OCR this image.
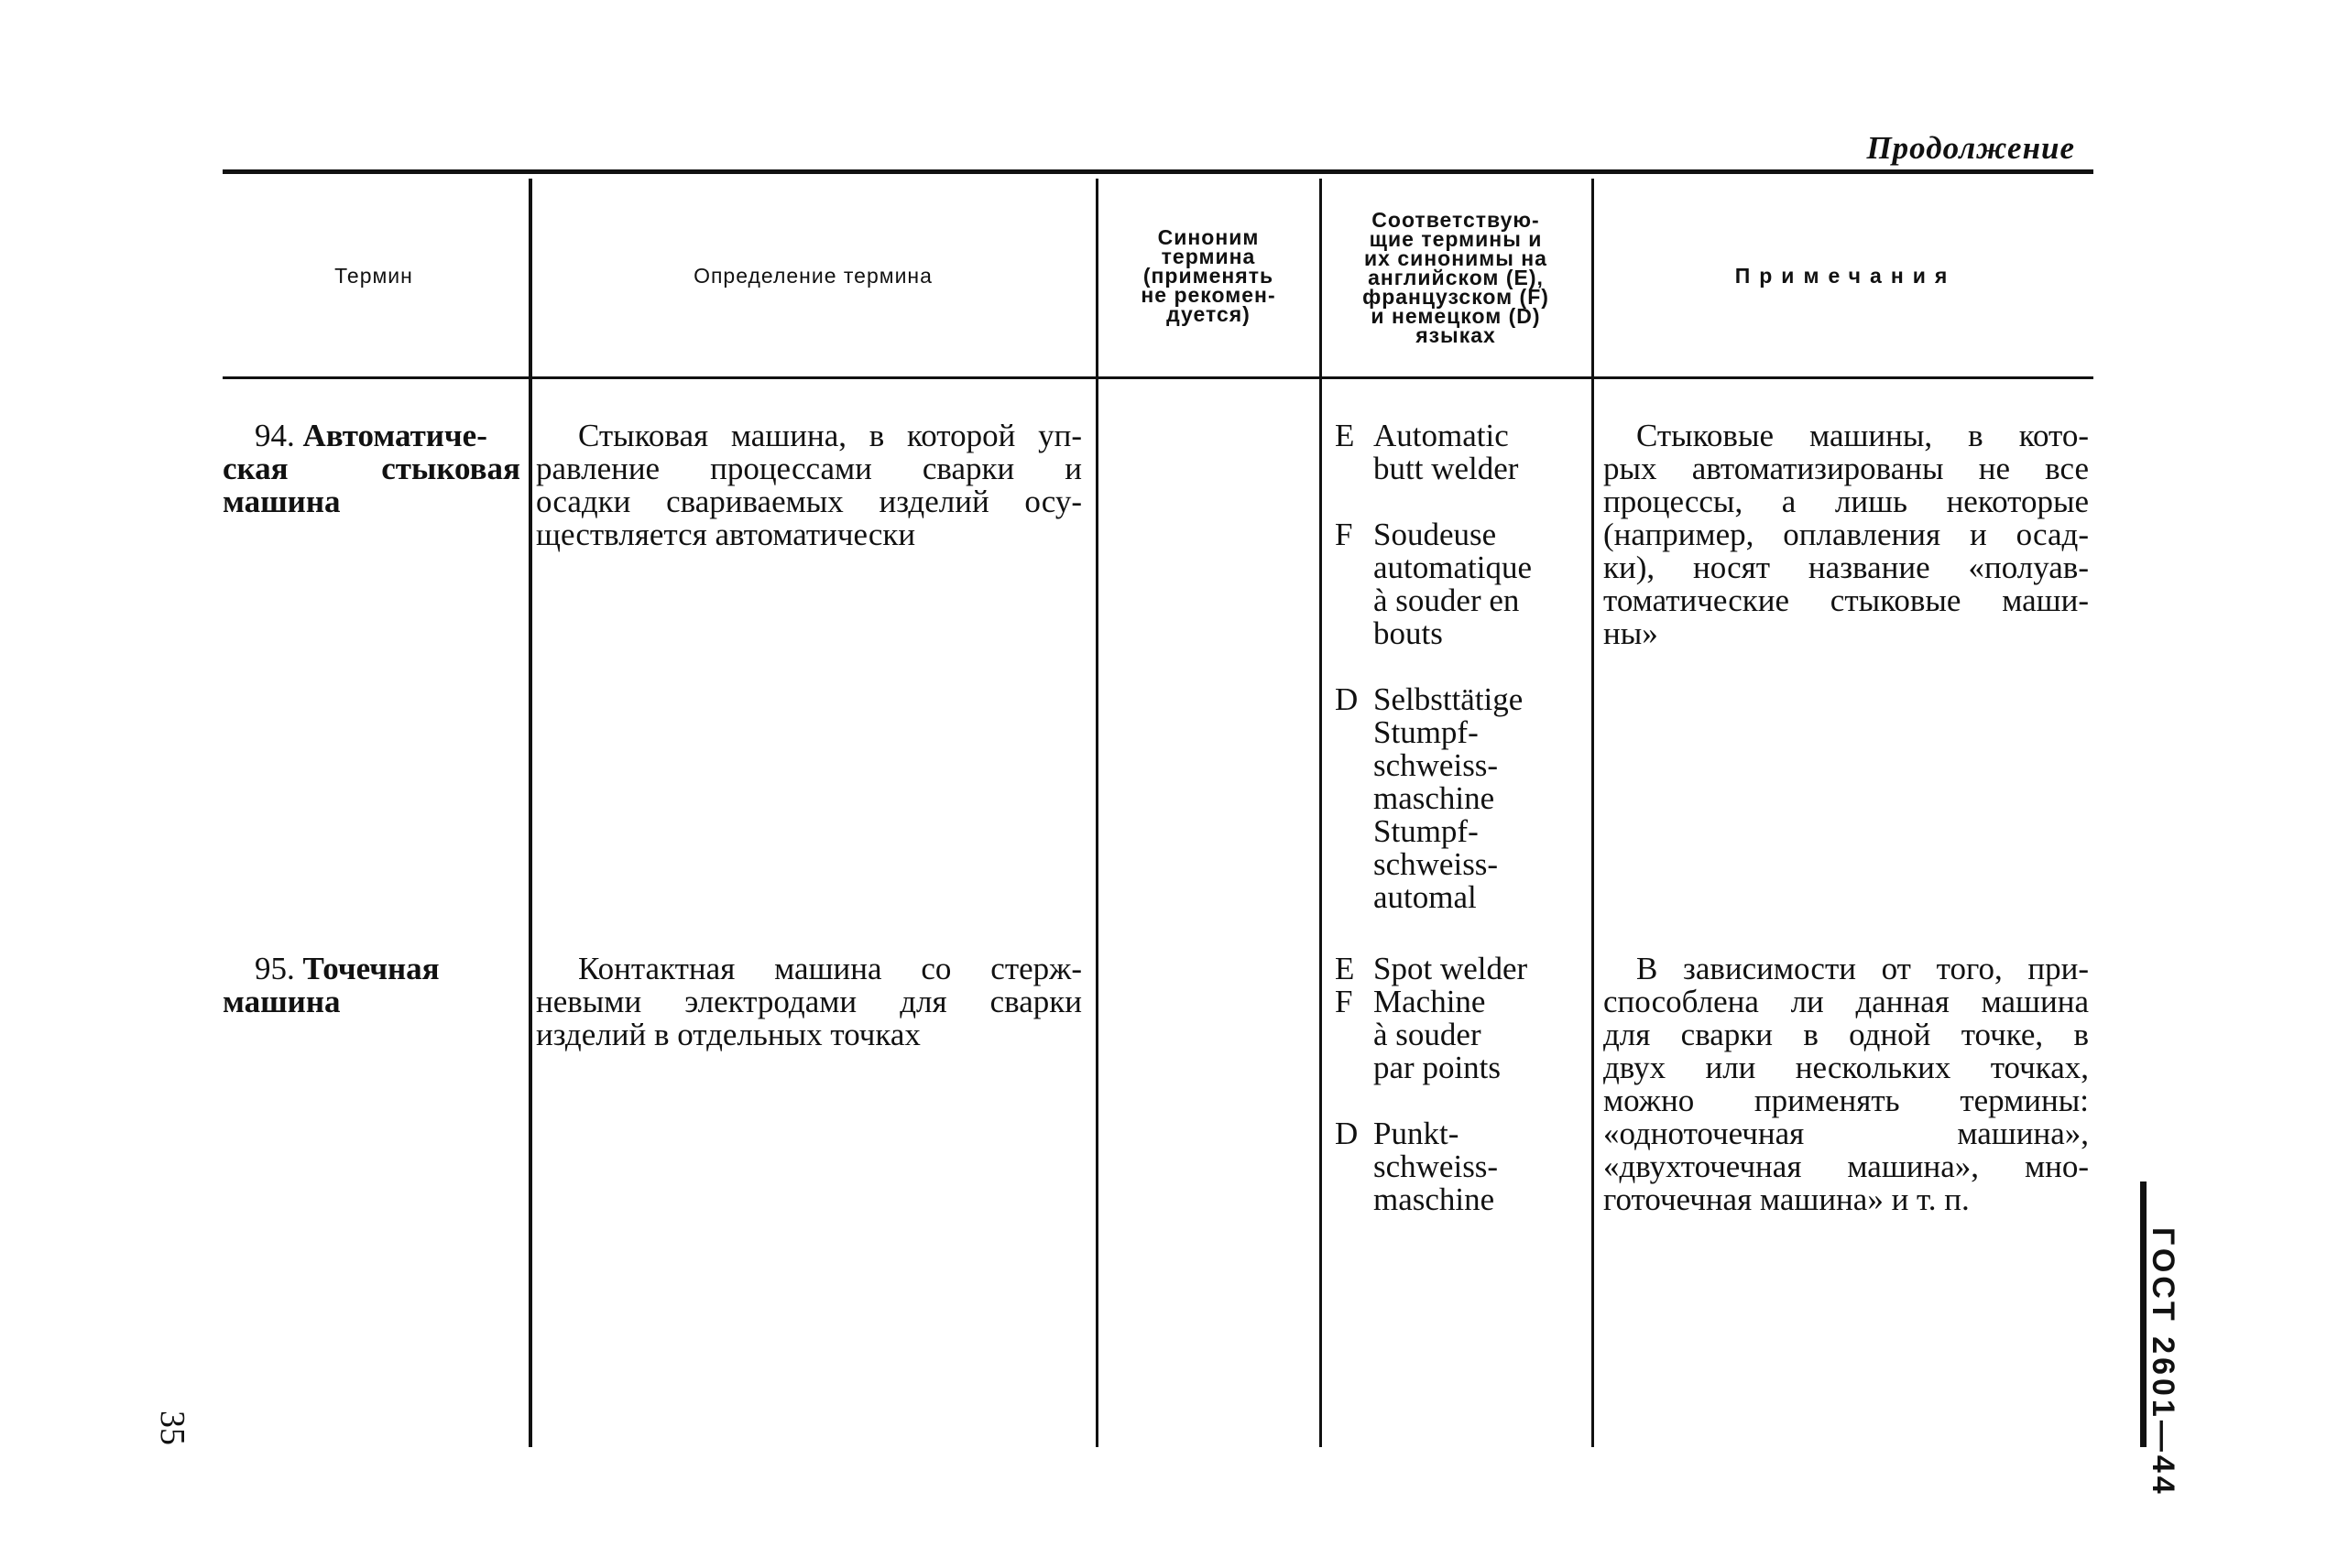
Продолжение
Термин	Определение термина
Синоним
термина
(применять
не рекомен-
дуется)
Соответствую-
щие термины и
их синонимы на
английском (E),
французском (F)
и немецком (D)
языках
Примечания
94. Автоматиче-
ская стыковая
машина
Стыковая машина, в которой уп-
равление процессами сварки и
осадки свариваемых изделий осу-
ществляется автоматически
E Automatic
butt welder
F Soudeuse
automatique
à souder en
bouts
D Selbsttätige
Stumpf-
schweiss-
maschine
Stumpf-
schweiss-
automal
Стыковые машины, в кото-
рых автоматизированы не все
процессы, а лишь некоторые
(например, оплавления и осад-
ки), носят название «полуав-
томатические стыковые маши-
ны»
95. Точечная
машина
Контактная машина со стерж-
невыми электродами для сварки
изделий в отдельных точках
E Spot welder
F Machine
à souder
par points
D Punkt-
schweiss-
maschine
В зависимости от того, при-
способлена ли данная машина
для сварки в одной точке, в
двух или нескольких точках,
можно применять термины:
«одноточечная машина»,
«двухточечная машина», мно-
готочечная машина» и т. п.
ГОСТ 2601—44
35
